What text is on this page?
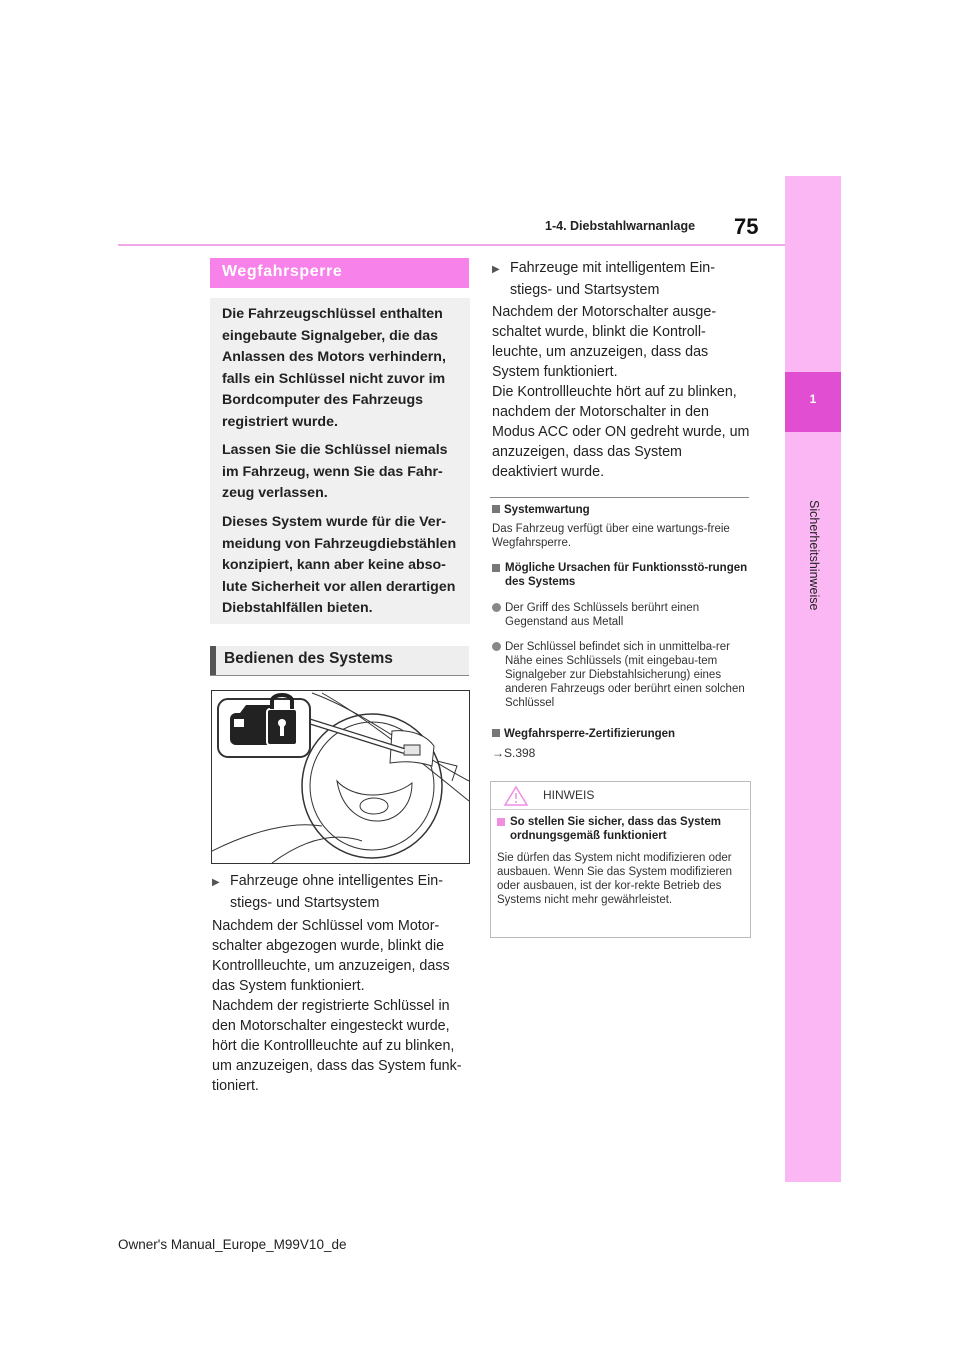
75
1-4. Diebstahlwarnanlage
1
Sicherheitshinweise
Wegfahrsperre

Die Fahrzeugschlüssel enthalten eingebaute Signalgeber, die das Anlassen des Motors verhindern, falls ein Schlüssel nicht zuvor im Bordcomputer des Fahrzeugs registriert wurde.

Lassen Sie die Schlüssel niemals im Fahrzeug, wenn Sie das Fahr-zeug verlassen.

Dieses System wurde für die Ver-meidung von Fahrzeugdiebstählen konzipiert, kann aber keine abso-lute Sicherheit vor allen derartigen Diebstahlfällen bieten.

Bedienen des Systems
▶ Fahrzeuge ohne intelligentes Ein-stiegs- und Startsystem

Nachdem der Schlüssel vom Motor-schalter abgezogen wurde, blinkt die Kontrollleuchte, um anzuzeigen, dass das System funktioniert.

Nachdem der registrierte Schlüssel in den Motorschalter eingesteckt wurde, hört die Kontrollleuchte auf zu blinken, um anzuzeigen, dass das System funk-tioniert.

▶ Fahrzeuge mit intelligentem Ein-stiegs- und Startsystem

Nachdem der Motorschalter ausge-schaltet wurde, blinkt die Kontroll-leuchte, um anzuzeigen, dass das System funktioniert.

Die Kontrollleuchte hört auf zu blinken, nachdem der Motorschalter in den Modus ACC oder ON gedreht wurde, um anzuzeigen, dass das System deaktiviert wurde.

Systemwartung

Das Fahrzeug verfügt über eine wartungs-freie Wegfahrsperre.

Mögliche Ursachen für Funktionsstö-rungen des Systems
Der Griff des Schlüssels berührt einen Gegenstand aus Metall
Der Schlüssel befindet sich in unmittelba-rer Nähe eines Schlüssels (mit eingebau-tem Signalgeber zur Diebstahlsicherung) eines anderen Fahrzeugs oder berührt einen solchen Schlüssel
Wegfahrsperre-Zertifizierungen

→S.398

HINWEIS
So stellen Sie sicher, dass das System ordnungsgemäß funktioniert

Sie dürfen das System nicht modifizieren oder ausbauen. Wenn Sie das System modifizieren oder ausbauen, ist der kor-rekte Betrieb des Systems nicht mehr gewährleistet.

Owner's Manual_Europe_M99V10_de
